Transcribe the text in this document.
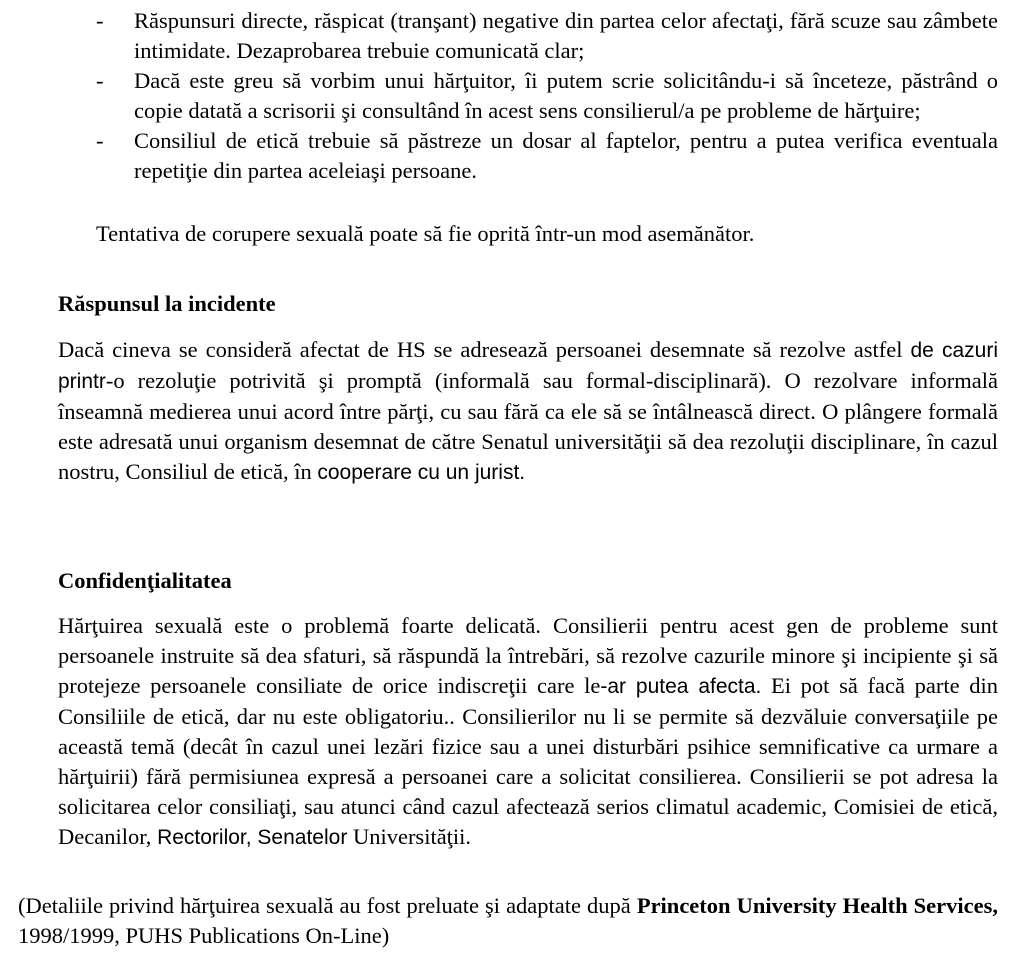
- Răspunsuri directe, răspicat (tranşant) negative din partea celor afectaţi, fără scuze sau zâmbete intimidate. Dezaprobarea trebuie comunicată clar;
- Dacă este greu să vorbim unui hărţuitor, îi putem scrie solicitându-i să înceteze, păstrând o copie datată a scrisorii şi consultând în acest sens consilierul/a pe probleme de hărţuire;
- Consiliul de etică trebuie să păstreze un dosar al faptelor, pentru a putea verifica eventuala repetiţie din partea aceleiaşi persoane.
Tentativa de corupere sexuală poate să fie oprită într-un mod asemănător.
Răspunsul la incidente
Dacă cineva se consideră afectat de HS se adresează persoanei desemnate să rezolve astfel de cazuri printr-o rezoluţie potrivită şi promptă (informală sau formal-disciplinară). O rezolvare informală înseamnă medierea unui acord între părţi, cu sau fără ca ele să se întâlnească direct. O plângere formală este adresată unui organism desemnat de către Senatul universităţii să dea rezoluţii disciplinare, în cazul nostru, Consiliul de etică, în cooperare cu un jurist.
Confidenţialitatea
Hărţuirea sexuală este o problemă foarte delicată. Consilierii pentru acest gen de probleme sunt persoanele instruite să dea sfaturi, să răspundă la întrebări, să rezolve cazurile minore şi incipiente şi să protejeze persoanele consiliate de orice indiscreţii care le-ar putea afecta. Ei pot să facă parte din Consiliile de etică, dar nu este obligatoriu.. Consilierilor nu li se permite să dezvăluie conversaţiile pe această temă (decât în cazul unei lezări fizice sau a unei disturbări psihice semnificative ca urmare a hărţuirii) fără permisiunea expresă a persoanei care a solicitat consilierea. Consilierii se pot adresa la solicitarea celor consiliaţi, sau atunci când cazul afectează serios climatul academic, Comisiei de etică, Decanilor, Rectorilor, Senatelor Universităţii.
(Detaliile privind hărţuirea sexuală au fost preluate şi adaptate după Princeton University Health Services, 1998/1999, PUHS Publications On-Line)
